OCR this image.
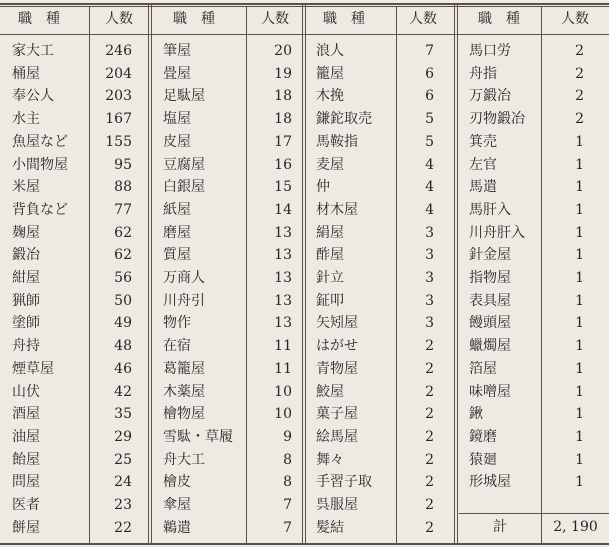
職　種	人数	職　種	人数	職　種	人数	職　種	人数
家大工	246
桶屋	204
奉公人	203
水主	167
魚屋など	155
小間物屋	95
米屋	88
背負など	77
麹屋	62
鍛冶	62
紺屋	56
猟師	50
塗師	49
舟持	48
煙草屋	46
山伏	42
酒屋	35
油屋	29
飴屋	25
問屋	24
医者	23
餅屋	22
筆屋	20
畳屋	19
足駄屋	18
塩屋	18
皮屋	17
豆腐屋	16
白銀屋	15
紙屋	14
磨屋	13
質屋	13
万商人	13
川舟引	13
物作	13
在宿	11
葛籠屋	11
木薬屋	10
檜物屋	10
雪駄・草履	9
舟大工	8
檜皮	8
傘屋	7
鵜遣	7
浪人	7
籠屋	6
木挽	6
鎌鉈取売	5
馬鞍指	5
麦屋	4
仲	4
材木屋	4
絹屋	3
酢屋	3
針立	3
鉦叩	3
矢矧屋	3
はがせ	2
青物屋	2
鮫屋	2
菓子屋	2
絵馬屋	2
舞々	2
手習子取	2
呉服屋	2
髪結	2
馬口労	2
舟指	2
万鍛冶	2
刃物鍛冶	2
箕売	1
左官	1
馬遣	1
馬肝入	1
川舟肝入	1
針金屋	1
指物屋	1
表具屋	1
饅頭屋	1
蠟燭屋	1
箔屋	1
味噌屋	1
鍬	1
鏡磨	1
猿廻	1
形城屋	1
計	2, 190
